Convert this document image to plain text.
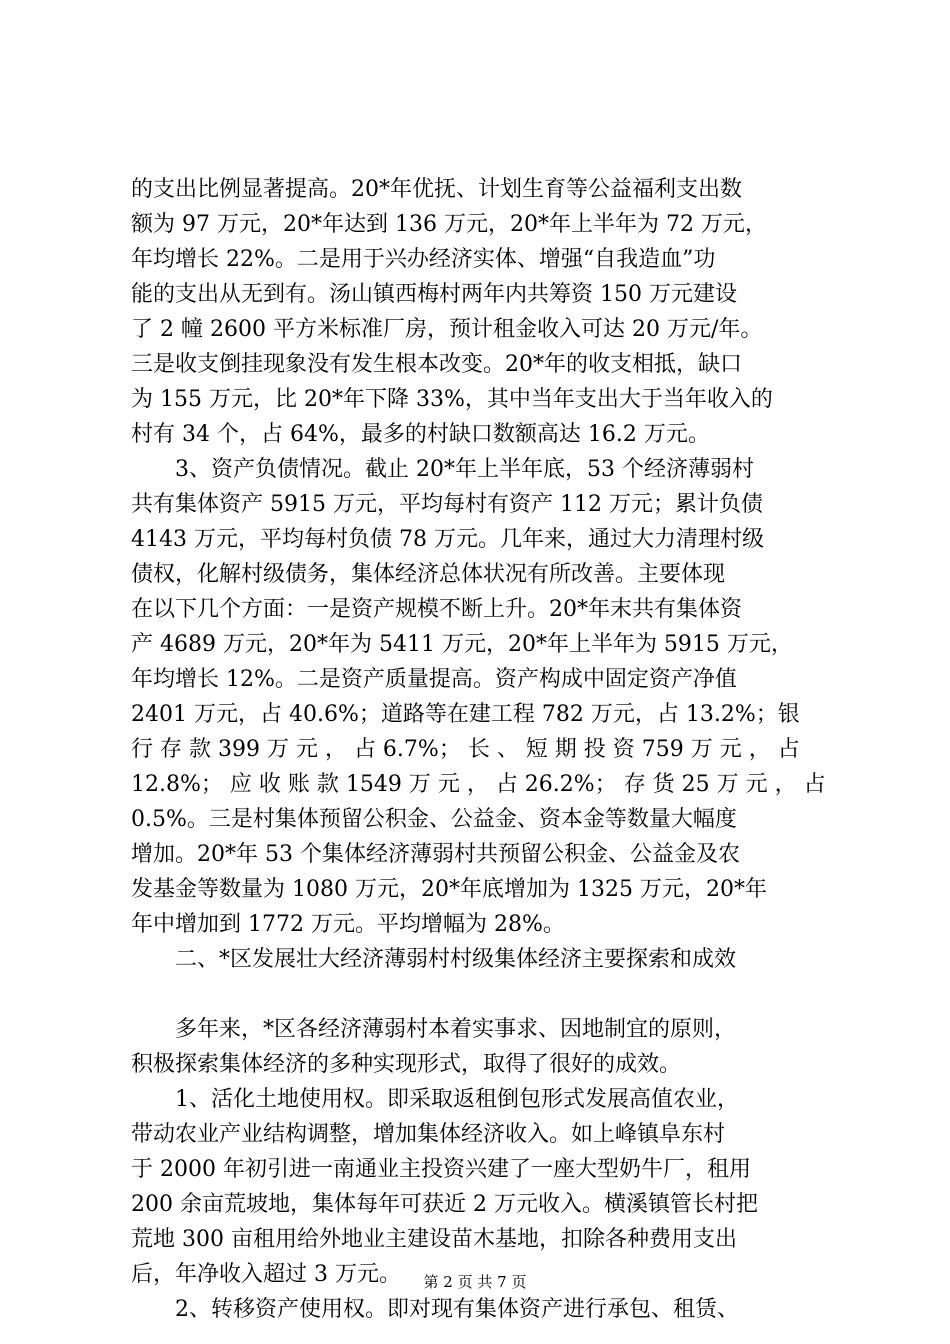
的支出比例显著提高。20*年优抚、计划生育等公益福利支出数
额为 97 万元，20*年达到 136 万元，20*年上半年为 72 万元，
年均增长 22%。二是用于兴办经济实体、增强“自我造血”功
能的支出从无到有。汤山镇西梅村两年内共筹资 150 万元建设
了 2 幢 2600 平方米标准厂房，预计租金收入可达 20 万元/年。
三是收支倒挂现象没有发生根本改变。20*年的收支相抵，缺口
为 155 万元，比 20*年下降 33%，其中当年支出大于当年收入的
村有 34 个，占 64%，最多的村缺口数额高达 16.2 万元。
　　3、资产负债情况。截止 20*年上半年底，53 个经济薄弱村
共有集体资产 5915 万元，平均每村有资产 112 万元；累计负债
4143 万元，平均每村负债 78 万元。几年来，通过大力清理村级
债权，化解村级债务，集体经济总体状况有所改善。主要体现
在以下几个方面：一是资产规模不断上升。20*年末共有集体资
产 4689 万元，20*年为 5411 万元，20*年上半年为 5915 万元，
年均增长 12%。二是资产质量提高。资产构成中固定资产净值
2401 万元，占 40.6%；道路等在建工程 782 万元，占 13.2%；银
行 存 款 399 万 元 ， 占 6.7%； 长 、 短 期 投 资 759 万 元 ， 占
12.8%； 应 收 账 款 1549 万 元 ， 占 26.2%； 存 货 25 万 元 ， 占
0.5%。三是村集体预留公积金、公益金、资本金等数量大幅度
增加。20*年 53 个集体经济薄弱村共预留公积金、公益金及农
发基金等数量为 1080 万元，20*年底增加为 1325 万元，20*年
年中增加到 1772 万元。平均增幅为 28%。
　　二、*区发展壮大经济薄弱村村级集体经济主要探索和成效
　　多年来，*区各经济薄弱村本着实事求、因地制宜的原则，
积极探索集体经济的多种实现形式，取得了很好的成效。
　　1、活化土地使用权。即采取返租倒包形式发展高值农业，
带动农业产业结构调整，增加集体经济收入。如上峰镇阜东村
于 2000 年初引进一南通业主投资兴建了一座大型奶牛厂，租用
200 余亩荒坡地，集体每年可获近 2 万元收入。横溪镇管长村把
荒地 300 亩租用给外地业主建设苗木基地，扣除各种费用支出
后，年净收入超过 3 万元。
　　2、转移资产使用权。即对现有集体资产进行承包、租赁、
第 2 页 共 7 页
